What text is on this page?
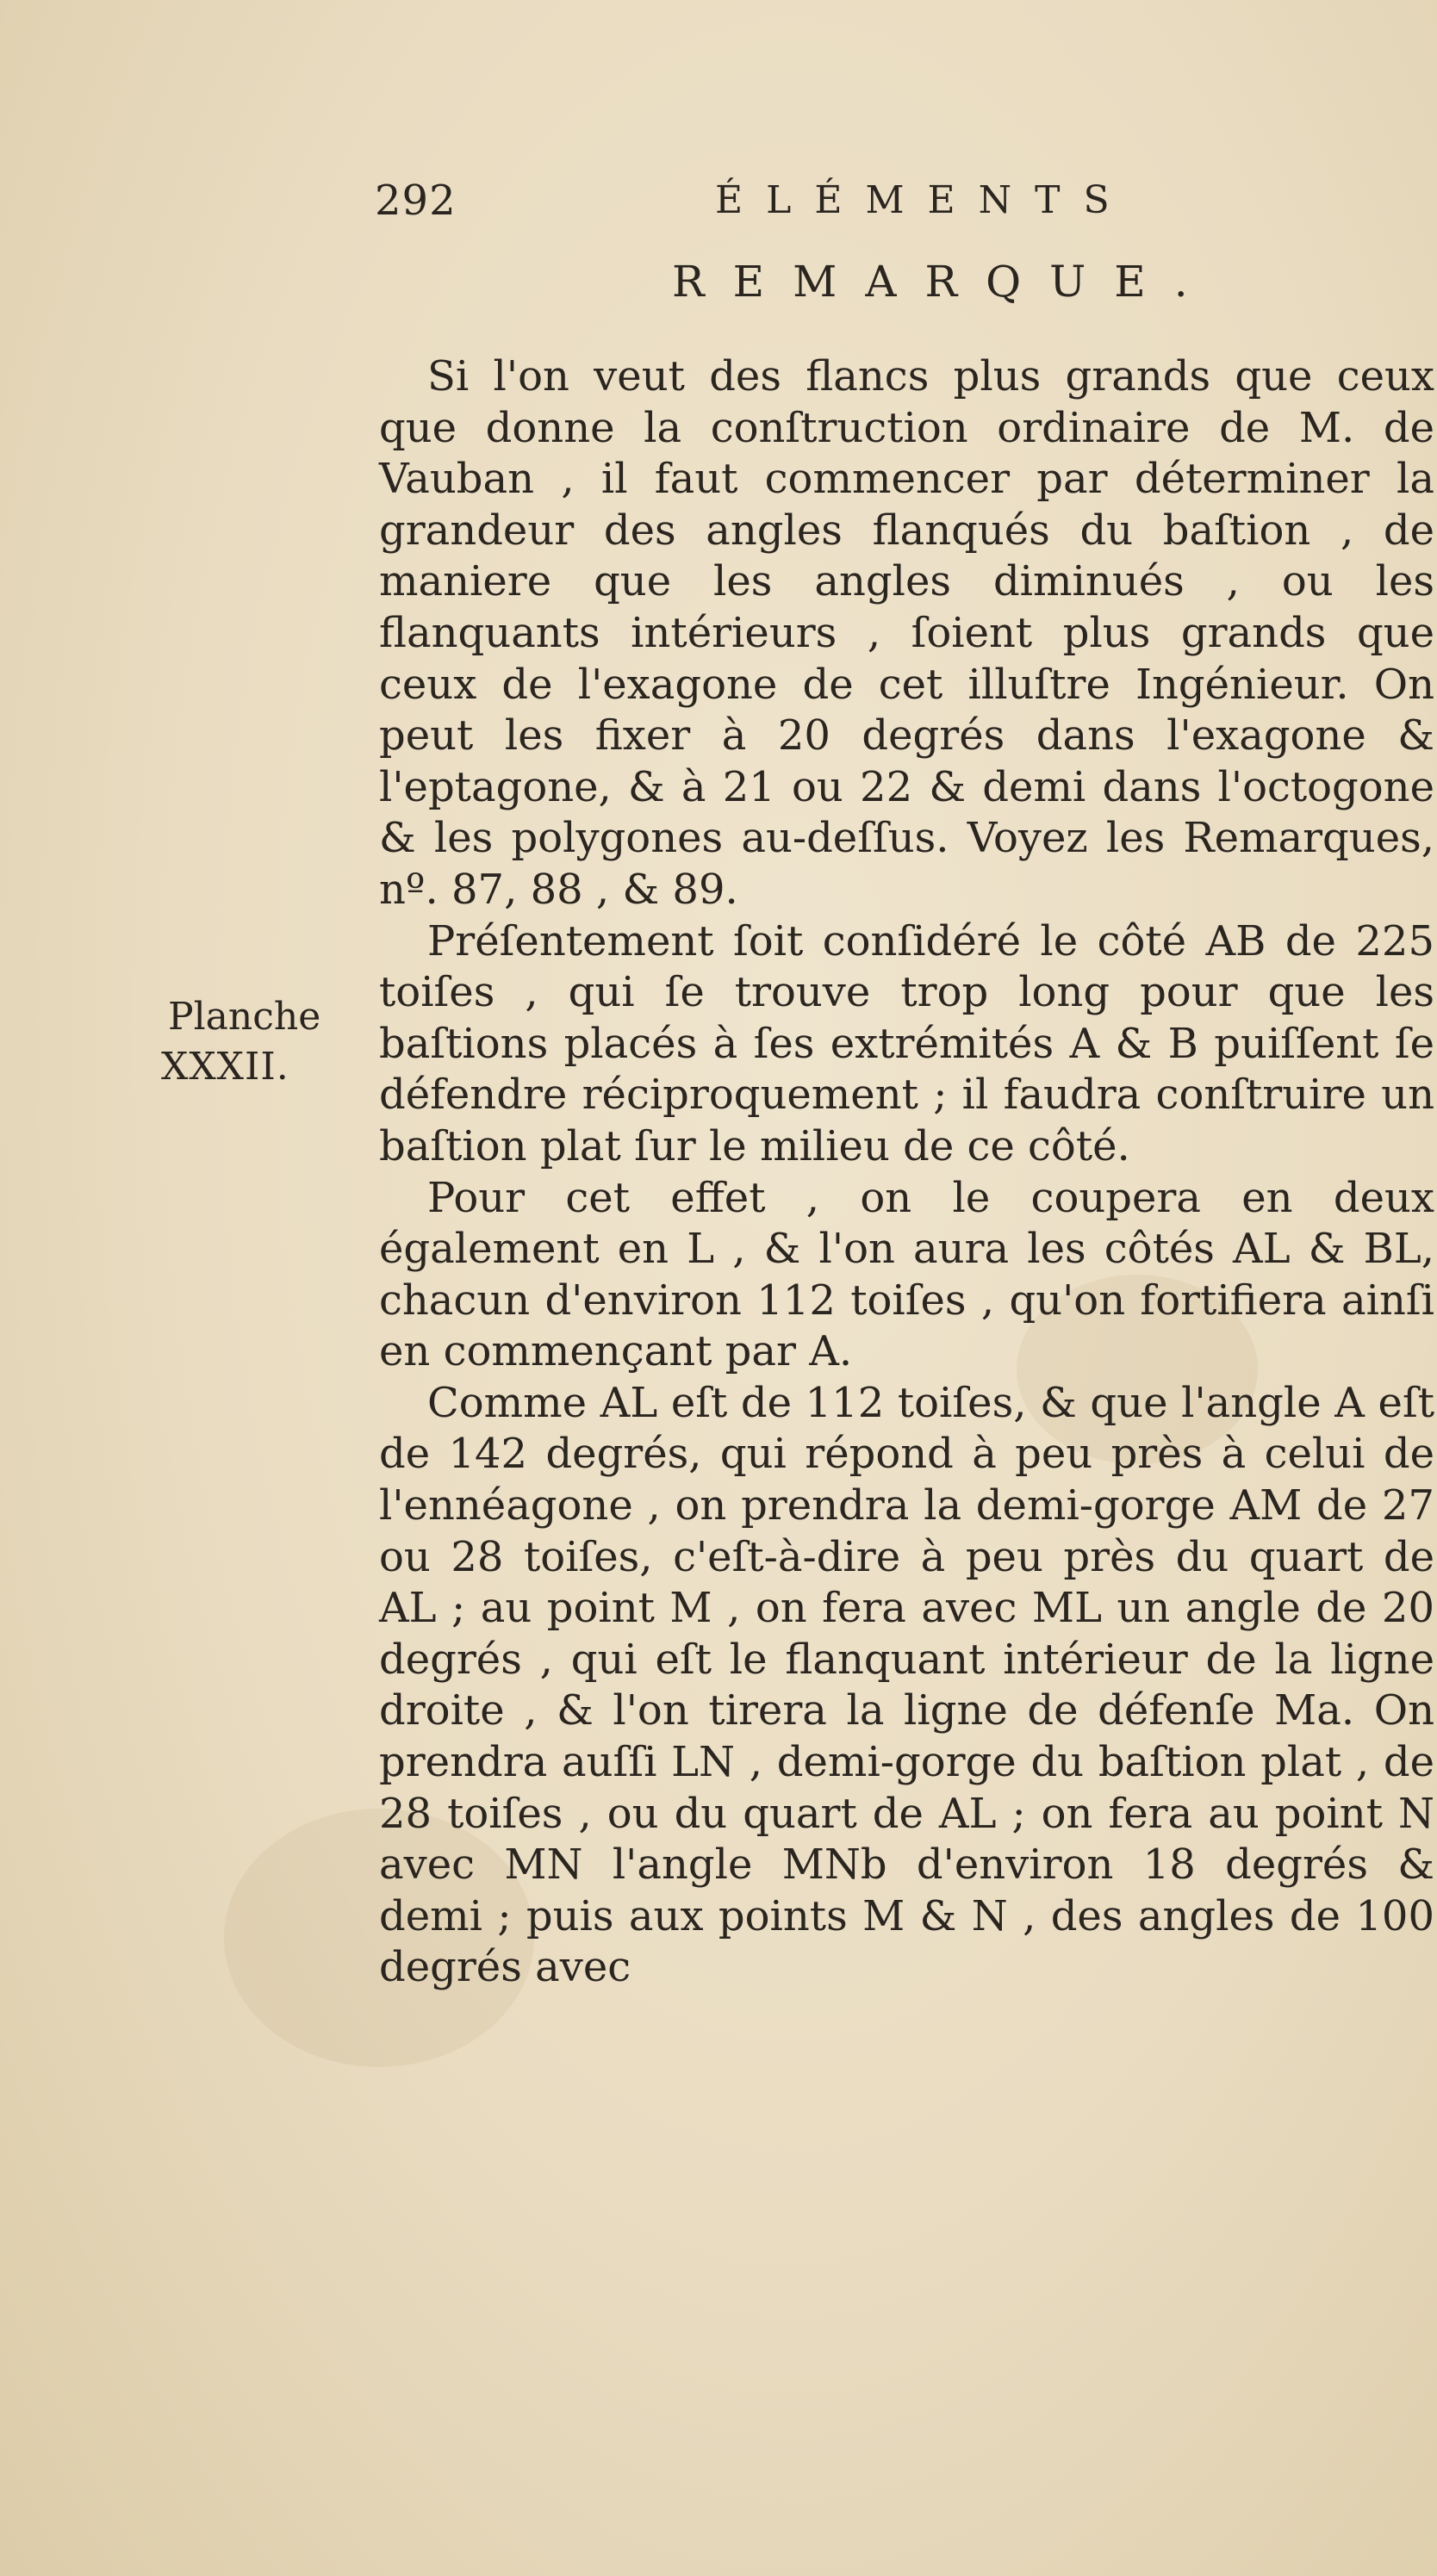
292	ÉLÉMENTS
REMARQUE.
Planche
XXXII.

Si l'on veut des flancs plus grands que ceux que donne la conſtruction ordinaire de M. de Vauban , il faut commencer par déterminer la grandeur des angles flanqués du baſtion , de maniere que les angles diminués , ou les flanquants intérieurs , ſoient plus grands que ceux de l'exagone de cet illuſtre Ingénieur. On peut les fixer à 20 degrés dans l'exagone & l'eptagone, & à 21 ou 22 & demi dans l'octogone & les polygones au-deſſus. Voyez les Remarques, nº. 87, 88 , & 89.

Préſentement ſoit conſidéré le côté AB de 225 toiſes , qui ſe trouve trop long pour que les baſtions placés à ſes extrémités A & B puiſſent ſe défendre réciproquement ; il faudra conſtruire un baſtion plat ſur le milieu de ce côté.

Pour cet effet , on le coupera en deux également en L , & l'on aura les côtés AL & BL, chacun d'environ 112 toiſes , qu'on fortifiera ainſi en commençant par A.

Comme AL eſt de 112 toiſes, & que l'angle A eſt de 142 degrés, qui répond à peu près à celui de l'ennéagone , on prendra la demi-gorge AM de 27 ou 28 toiſes, c'eſt-à-dire à peu près du quart de AL ; au point M , on fera avec ML un angle de 20 degrés , qui eſt le flanquant intérieur de la ligne droite , & l'on tirera la ligne de défenſe Ma. On prendra auſſi LN , demi-gorge du baſtion plat , de 28 toiſes , ou du quart de AL ; on fera au point N avec MN l'angle MNb d'environ 18 degrés & demi ; puis aux points M & N , des angles de 100 degrés avec
